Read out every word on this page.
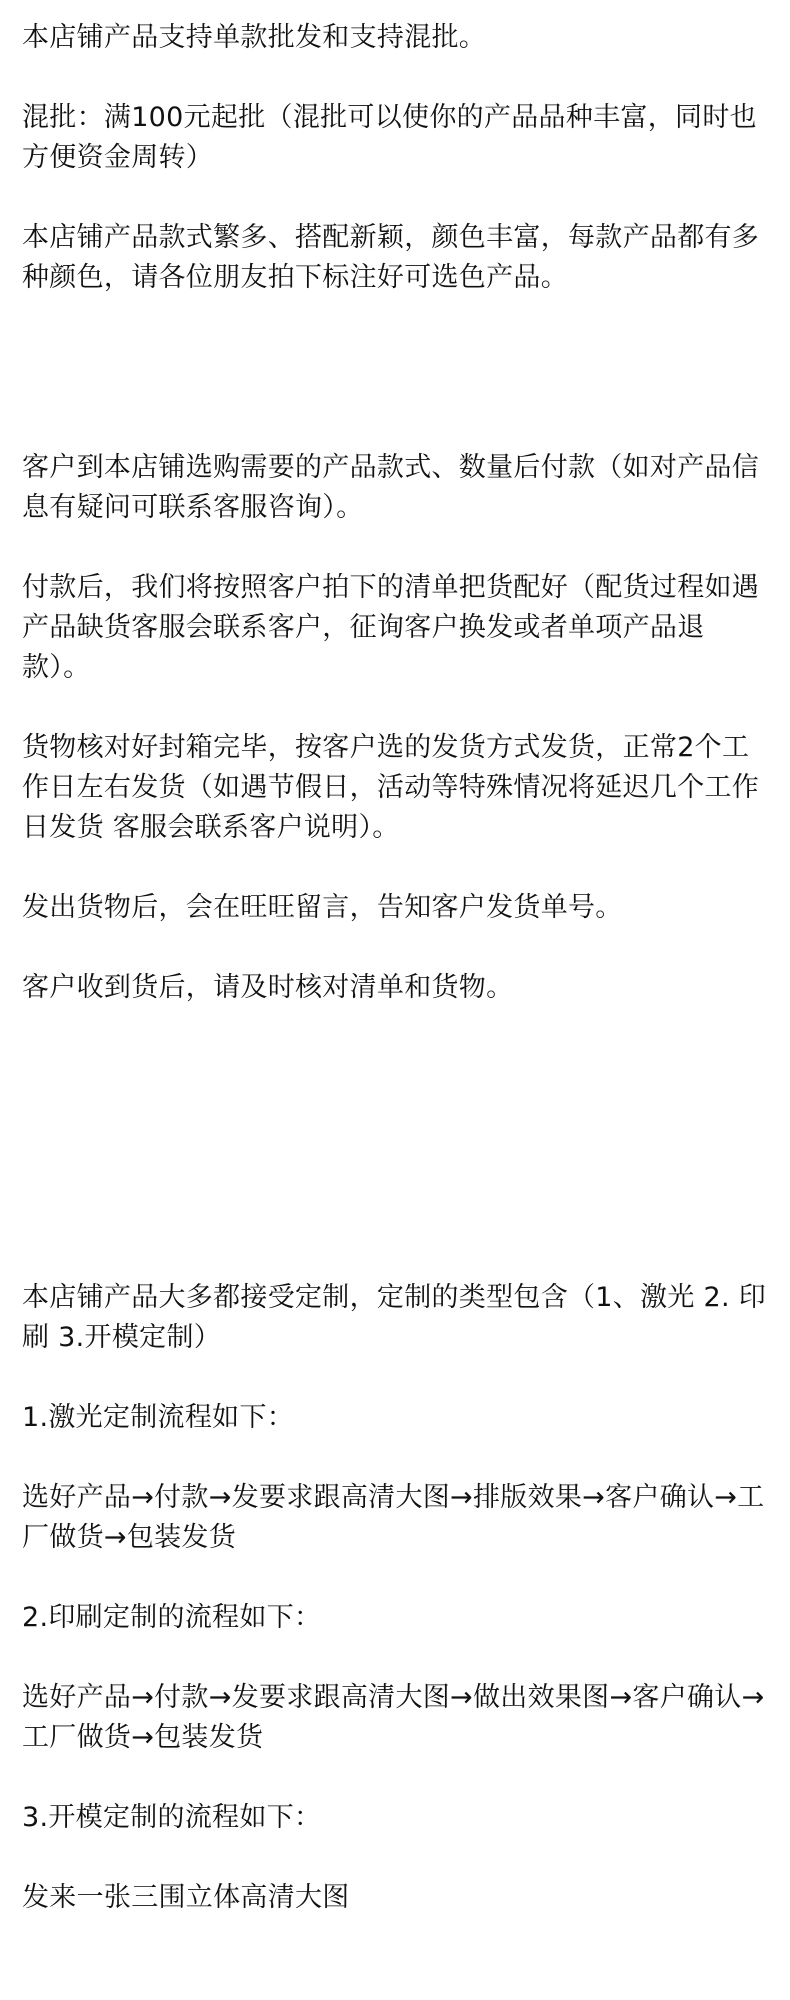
本店铺产品支持单款批发和支持混批。

混批：满100元起批（混批可以使你的产品品种丰富，同时也方便资金周转）

本店铺产品款式繁多、搭配新颖，颜色丰富，每款产品都有多种颜色，请各位朋友拍下标注好可选色产品。

客户到本店铺选购需要的产品款式、数量后付款（如对产品信息有疑问可联系客服咨询）。

付款后，我们将按照客户拍下的清单把货配好（配货过程如遇产品缺货客服会联系客户，征询客户换发或者单项产品退款）。

货物核对好封箱完毕，按客户选的发货方式发货，正常2个工作日左右发货（如遇节假日，活动等特殊情况将延迟几个工作日发货 客服会联系客户说明）。

发出货物后，会在旺旺留言，告知客户发货单号。

客户收到货后，请及时核对清单和货物。

本店铺产品大多都接受定制，定制的类型包含（1、激光 2. 印刷 3.开模定制）

1.激光定制流程如下：

选好产品→付款→发要求跟高清大图→排版效果→客户确认→工厂做货→包装发货

2.印刷定制的流程如下：

选好产品→付款→发要求跟高清大图→做出效果图→客户确认→工厂做货→包装发货

3.开模定制的流程如下：

发来一张三围立体高清大图
